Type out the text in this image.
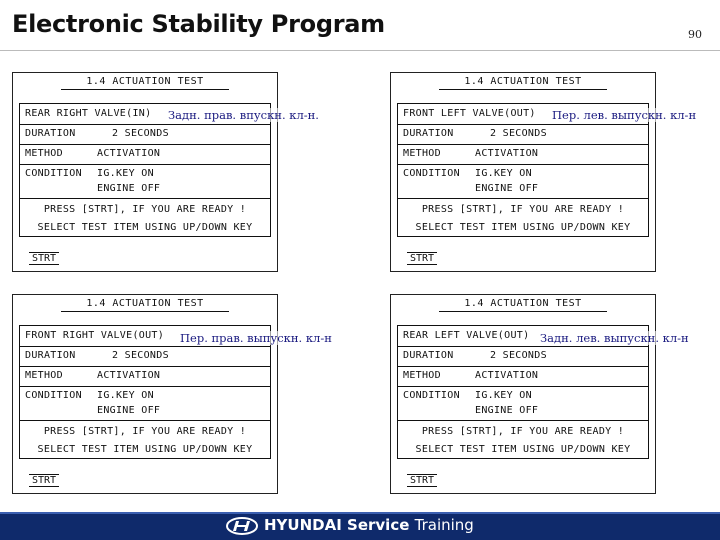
Electronic Stability Program	90
1.4 ACTUATION TEST
REAR RIGHT VALVE(IN)
DURATION	2 SECONDS
METHOD	ACTIVATION
CONDITION IG.KEY ON
ENGINE OFF
PRESS [STRT], IF YOU ARE READY !
SELECT TEST ITEM USING UP/DOWN KEY
STRT
1.4 ACTUATION TEST
FRONT LEFT VALVE(OUT)
DURATION	2 SECONDS
METHOD	ACTIVATION
CONDITION IG.KEY ON
ENGINE OFF
PRESS [STRT], IF YOU ARE READY !
SELECT TEST ITEM USING UP/DOWN KEY
STRT
1.4 ACTUATION TEST
FRONT RIGHT VALVE(OUT)
DURATION	2 SECONDS
METHOD	ACTIVATION
CONDITION IG.KEY ON
ENGINE OFF
PRESS [STRT], IF YOU ARE READY !
SELECT TEST ITEM USING UP/DOWN KEY
STRT
1.4 ACTUATION TEST
REAR LEFT VALVE(OUT)
DURATION	2 SECONDS
METHOD	ACTIVATION
CONDITION IG.KEY ON
ENGINE OFF
PRESS [STRT], IF YOU ARE READY !
SELECT TEST ITEM USING UP/DOWN KEY
STRT
Задн. прав. впускн. кл-н.	Пер. лев. выпускн. кл-н
Пер. прав. выпускн. кл-н	Задн. лев. выпускн. кл-н
HYUNDAI Service Training
